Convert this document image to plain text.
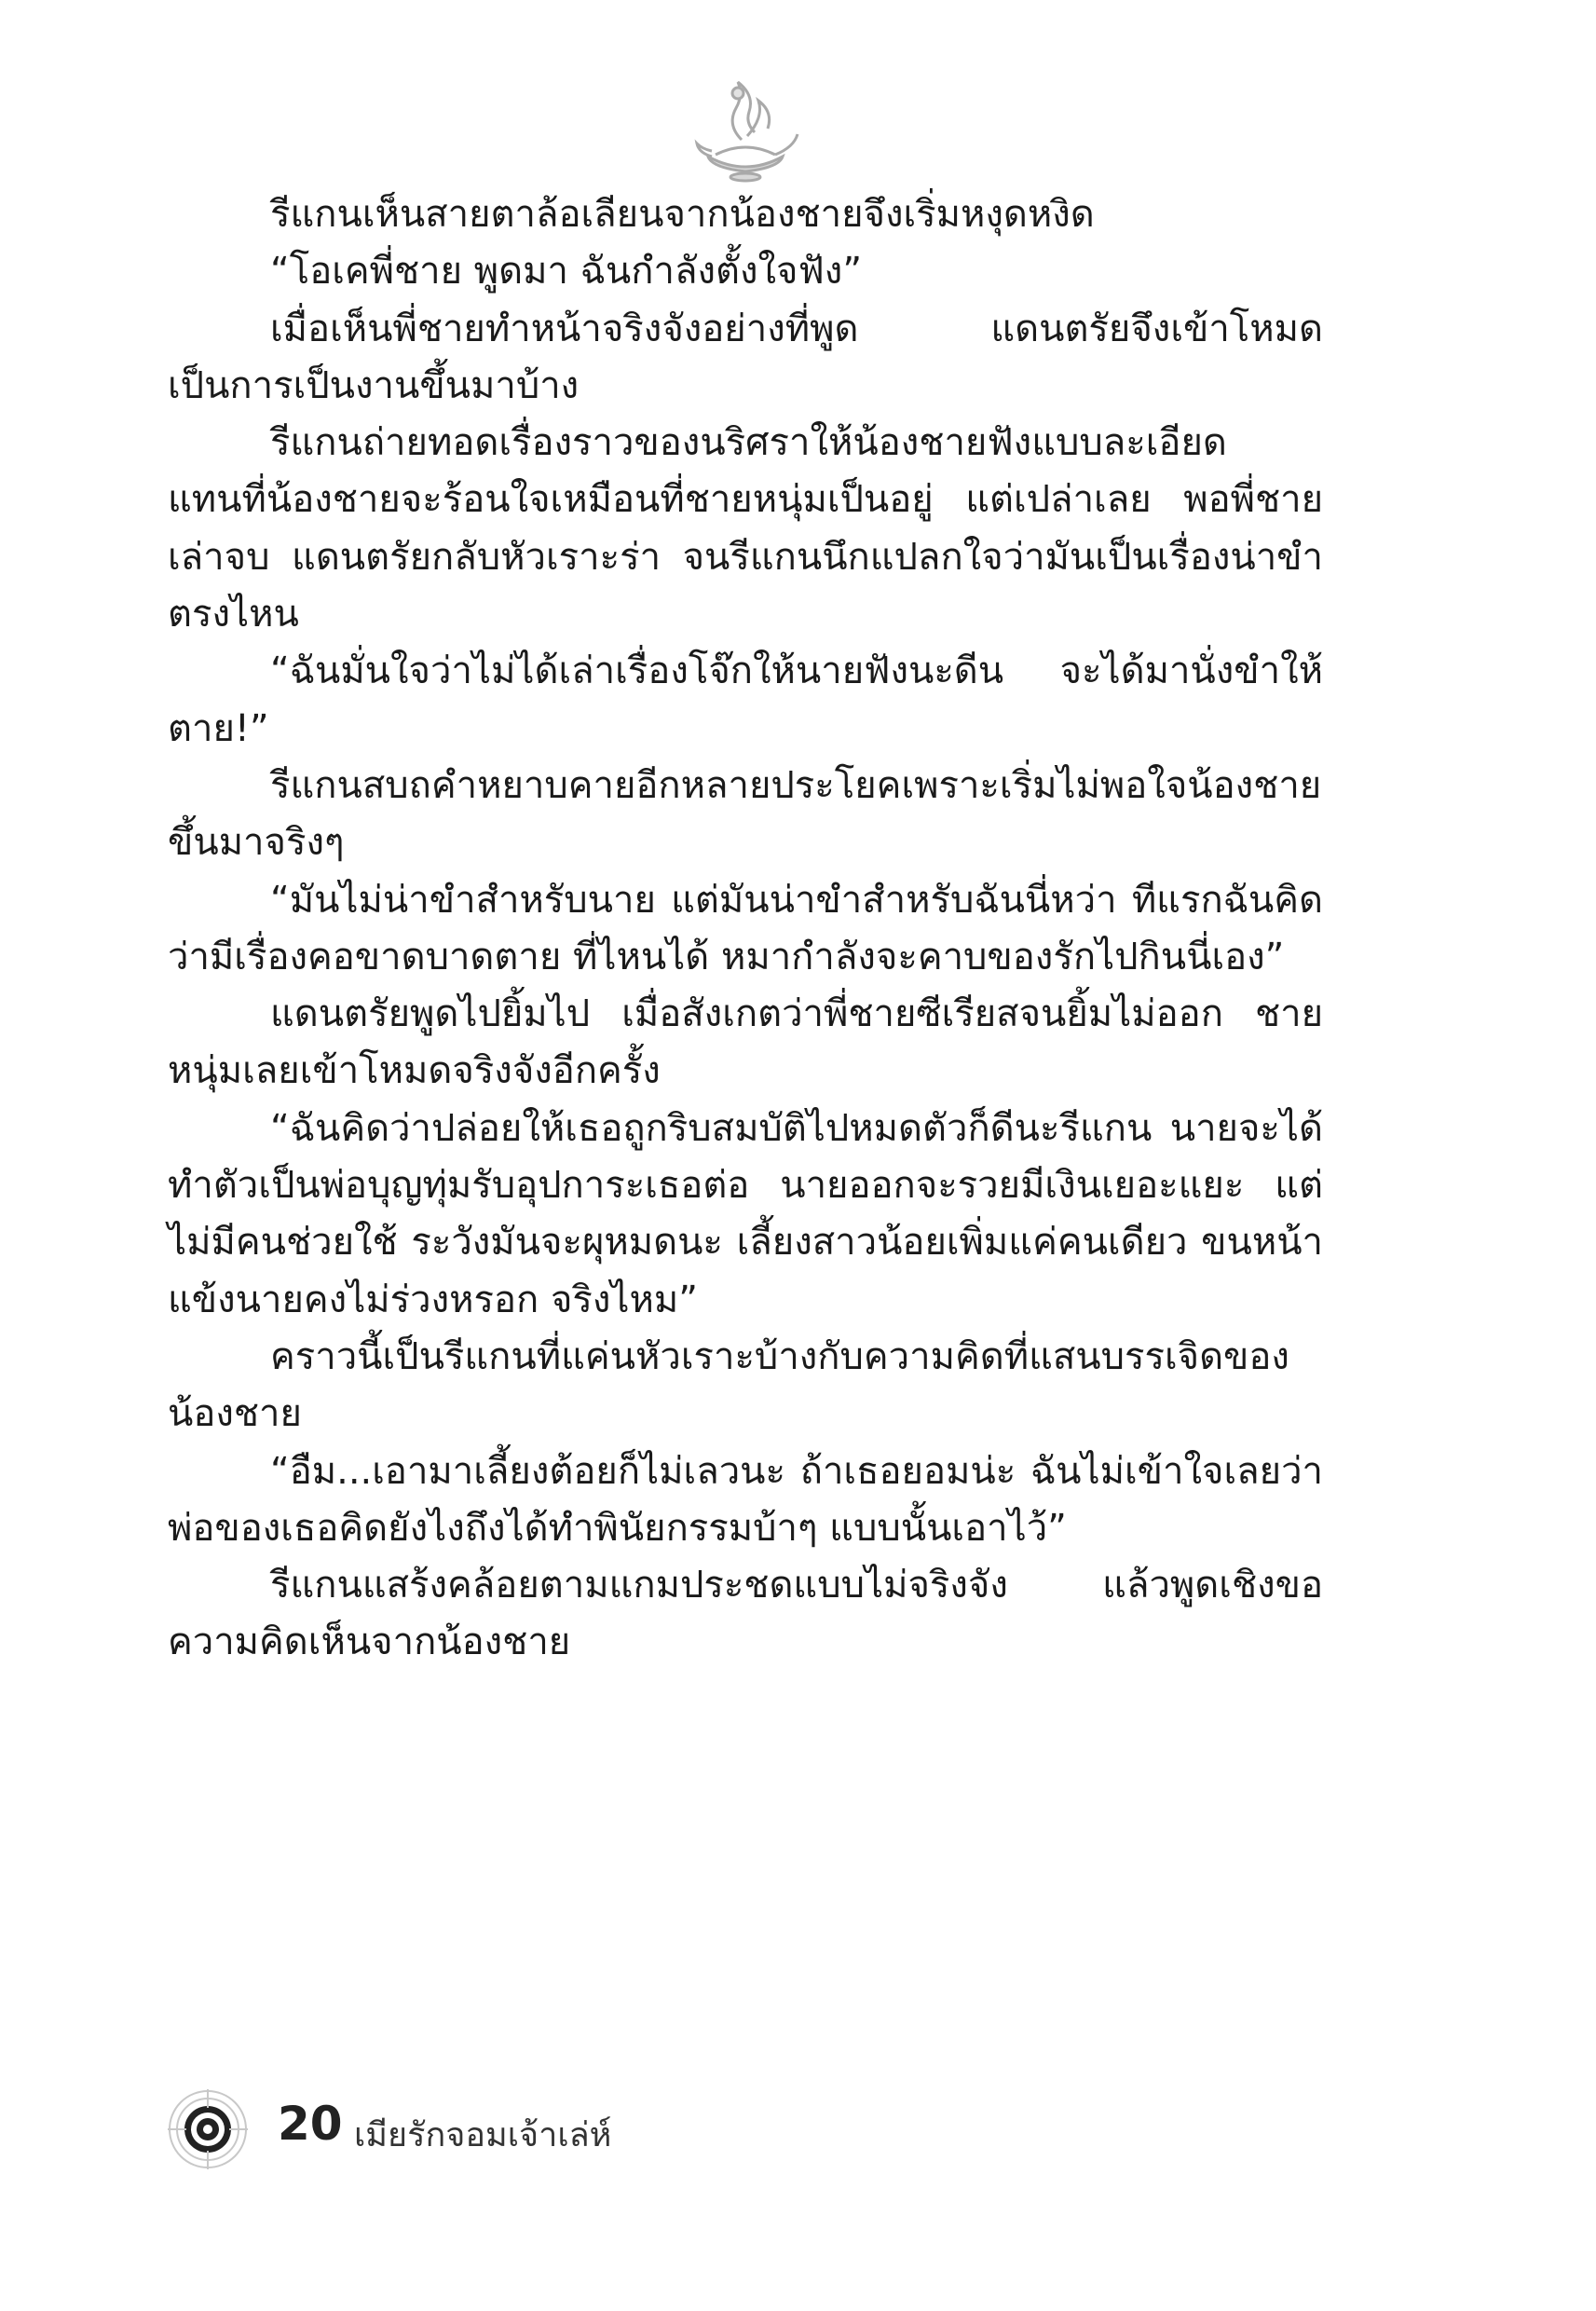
รีแกนเห็นสายตาล้อเลียนจากน้องชายจึงเริ่มหงุดหงิด

“โอเคพี่ชาย พูดมา ฉันกำลังตั้งใจฟัง”

เมื่อเห็นพี่ชายทำหน้าจริงจังอย่างที่พูด แดนตรัยจึงเข้าโหมดเป็นการเป็นงานขึ้นมาบ้าง

รีแกนถ่ายทอดเรื่องราวของนริศราให้น้องชายฟังแบบละเอียด แทนที่น้องชายจะร้อนใจเหมือนที่ชายหนุ่มเป็นอยู่ แต่เปล่าเลย พอพี่ชายเล่าจบ แดนตรัยกลับหัวเราะร่า จนรีแกนนึกแปลกใจว่ามันเป็นเรื่องน่าขำตรงไหน

“ฉันมั่นใจว่าไม่ได้เล่าเรื่องโจ๊กให้นายฟังนะดีน จะได้มานั่งขำให้ตาย!”

รีแกนสบถคำหยาบคายอีกหลายประโยคเพราะเริ่มไม่พอใจน้องชายขึ้นมาจริงๆ

“มันไม่น่าขำสำหรับนาย แต่มันน่าขำสำหรับฉันนี่หว่า ทีแรกฉันคิดว่ามีเรื่องคอขาดบาดตาย ที่ไหนได้ หมากำลังจะคาบของรักไปกินนี่เอง”

แดนตรัยพูดไปยิ้มไป เมื่อสังเกตว่าพี่ชายซีเรียสจนยิ้มไม่ออก ชายหนุ่มเลยเข้าโหมดจริงจังอีกครั้ง

“ฉันคิดว่าปล่อยให้เธอถูกริบสมบัติไปหมดตัวก็ดีนะรีแกน นายจะได้ทำตัวเป็นพ่อบุญทุ่มรับอุปการะเธอต่อ นายออกจะรวยมีเงินเยอะแยะ แต่ไม่มีคนช่วยใช้ ระวังมันจะผุหมดนะ เลี้ยงสาวน้อยเพิ่มแค่คนเดียว ขนหน้าแข้งนายคงไม่ร่วงหรอก จริงไหม”

คราวนี้เป็นรีแกนที่แค่นหัวเราะบ้างกับความคิดที่แสนบรรเจิดของน้องชาย

“อืม...เอามาเลี้ยงต้อยก็ไม่เลวนะ ถ้าเธอยอมน่ะ ฉันไม่เข้าใจเลยว่าพ่อของเธอคิดยังไงถึงได้ทำพินัยกรรมบ้าๆ แบบนั้นเอาไว้”

รีแกนแสร้งคล้อยตามแกมประชดแบบไม่จริงจัง แล้วพูดเชิงขอความคิดเห็นจากน้องชาย

20 เมียรักจอมเจ้าเล่ห์
